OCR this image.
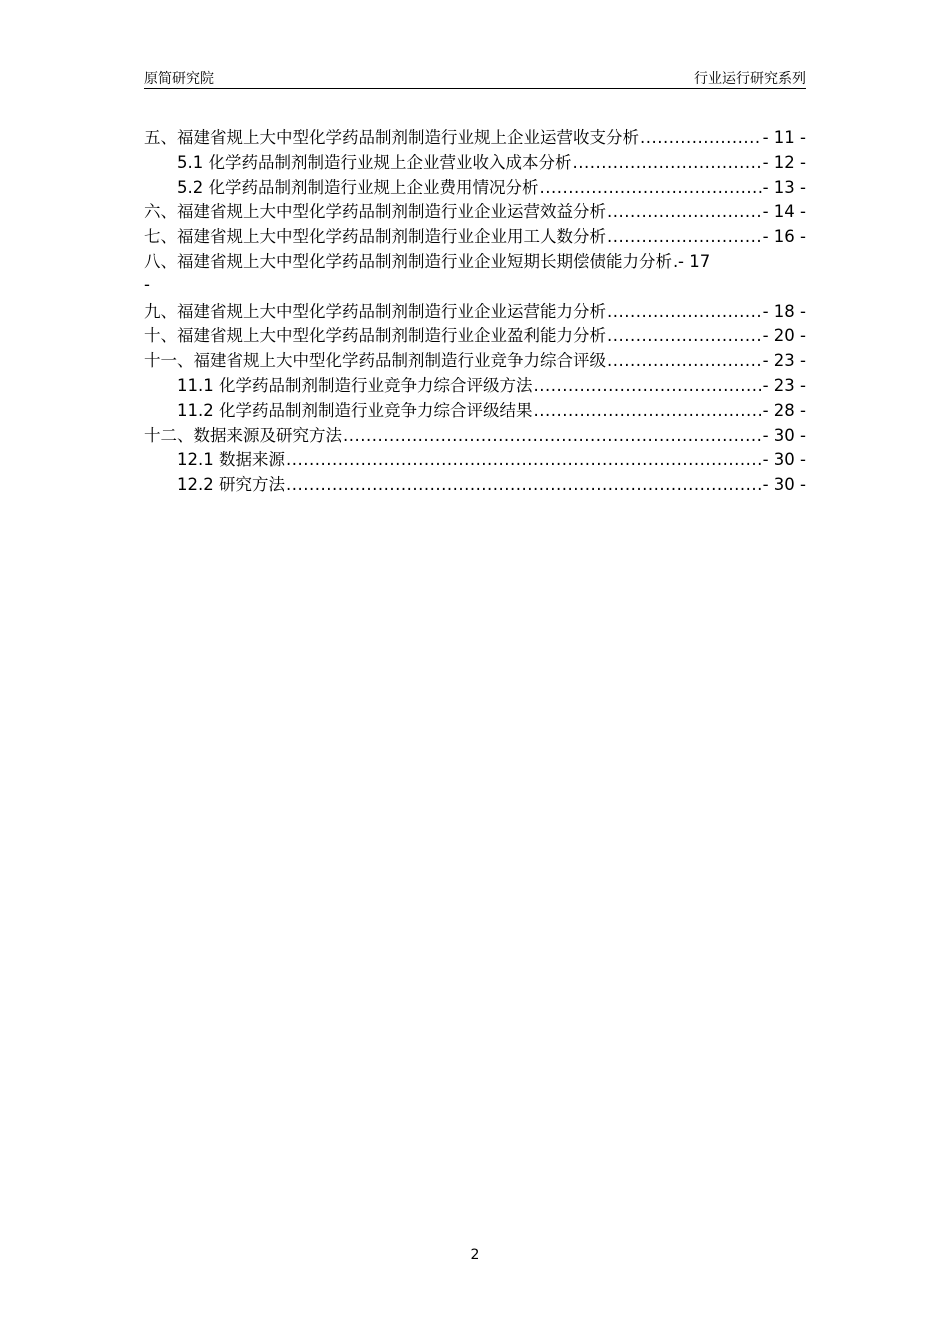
原简研究院	行业运行研究系列
五、福建省规上大中型化学药品制剂制造行业规上企业运营收支分析 .....	- 11 -
5.1 化学药品制剂制造行业规上企业营业收入成本分析 .....	- 12 -
5.2 化学药品制剂制造行业规上企业费用情况分析 .....	- 13 -
六、福建省规上大中型化学药品制剂制造行业企业运营效益分析 .....	- 14 -
七、福建省规上大中型化学药品制剂制造行业企业用工人数分析 .....	- 16 -
八、福建省规上大中型化学药品制剂制造行业企业短期长期偿债能力分析 . - 17
-
九、福建省规上大中型化学药品制剂制造行业企业运营能力分析 .....	- 18 -
十、福建省规上大中型化学药品制剂制造行业企业盈利能力分析 .....	- 20 -
十一、福建省规上大中型化学药品制剂制造行业竞争力综合评级 .....	- 23 -
11.1 化学药品制剂制造行业竞争力综合评级方法 .....	- 23 -
11.2 化学药品制剂制造行业竞争力综合评级结果 .....	- 28 -
十二、数据来源及研究方法 .....	- 30 -
12.1 数据来源 .....	- 30 -
12.2 研究方法 .....	- 30 -
2
